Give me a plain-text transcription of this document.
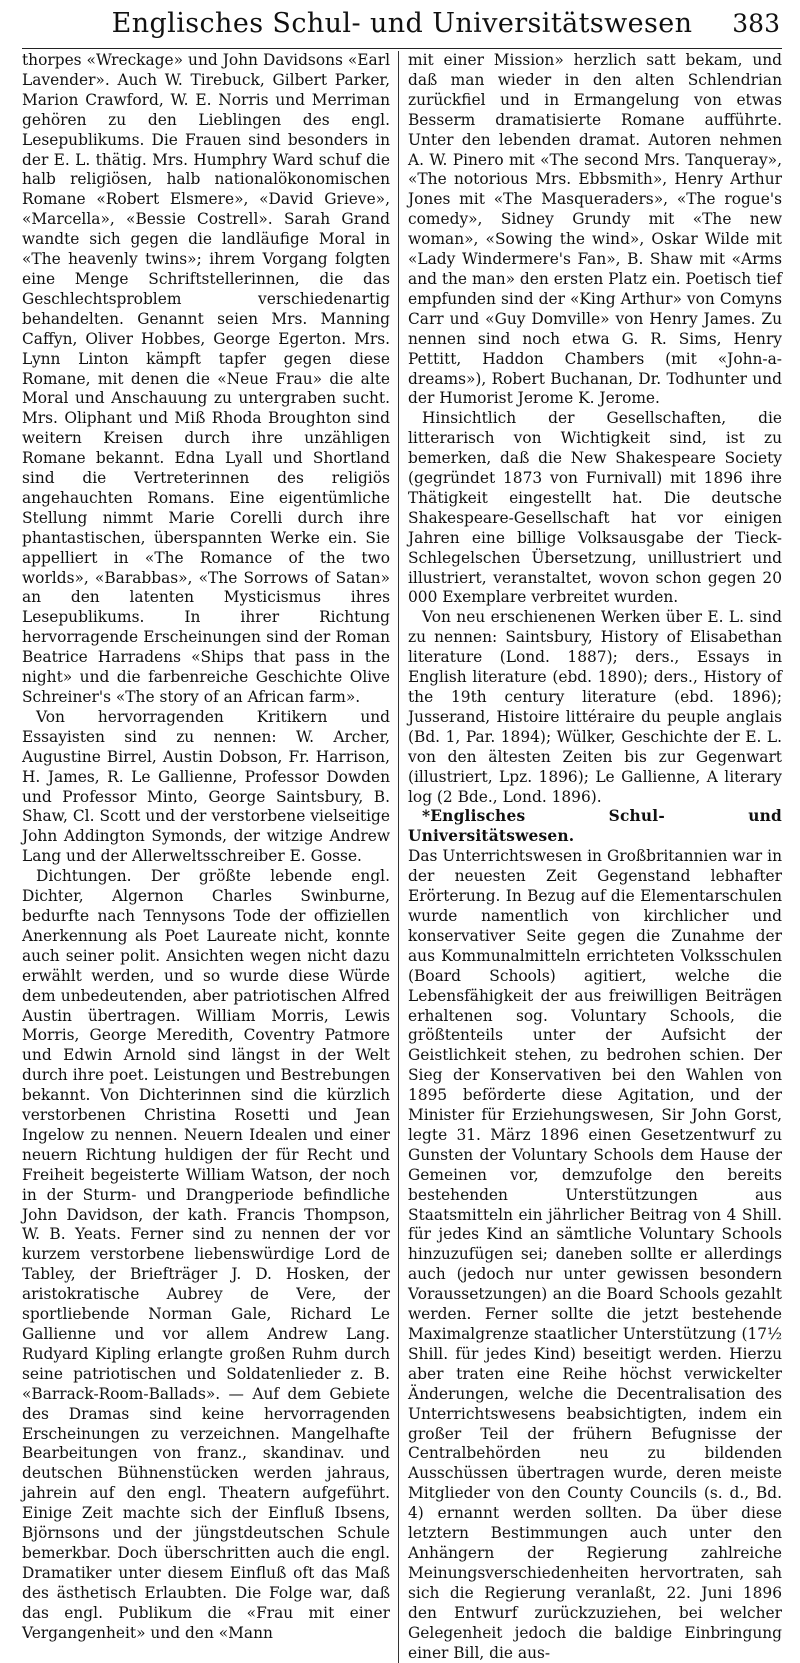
Englisches Schul- und Universitätswesen	383

thorpes «Wreckage» und John Davidsons «Earl Lavender». Auch W. Tirebuck, Gilbert Parker, Marion Crawford, W. E. Norris und Merriman gehören zu den Lieblingen des engl. Lesepublikums. Die Frauen sind besonders in der E. L. thätig. Mrs. Humphry Ward schuf die halb religiösen, halb nationalökonomischen Romane «Robert Elsmere», «David Grieve», «Marcella», «Bessie Costrell». Sarah Grand wandte sich gegen die landläufige Moral in «The heavenly twins»; ihrem Vorgang folgten eine Menge Schriftstellerinnen, die das Geschlechtsproblem verschiedenartig behandelten. Genannt seien Mrs. Manning Caffyn, Oliver Hobbes, George Egerton. Mrs. Lynn Linton kämpft tapfer gegen diese Romane, mit denen die «Neue Frau» die alte Moral und Anschauung zu untergraben sucht. Mrs. Oliphant und Miß Rhoda Broughton sind weitern Kreisen durch ihre unzähligen Romane bekannt. Edna Lyall und Shortland sind die Vertreterinnen des religiös angehauchten Romans. Eine eigentümliche Stellung nimmt Marie Corelli durch ihre phantastischen, überspannten Werke ein. Sie appelliert in «The Romance of the two worlds», «Barabbas», «The Sorrows of Satan» an den latenten Mysticismus ihres Lesepublikums. In ihrer Richtung hervorragende Erscheinungen sind der Roman Beatrice Harradens «Ships that pass in the night» und die farbenreiche Geschichte Olive Schreiner's «The story of an African farm».

Von hervorragenden Kritikern und Essayisten sind zu nennen: W. Archer, Augustine Birrel, Austin Dobson, Fr. Harrison, H. James, R. Le Gallienne, Professor Dowden und Professor Minto, George Saintsbury, B. Shaw, Cl. Scott und der verstorbene vielseitige John Addington Symonds, der witzige Andrew Lang und der Allerweltsschreiber E. Gosse.

Dichtungen. Der größte lebende engl. Dichter, Algernon Charles Swinburne, bedurfte nach Tennysons Tode der offiziellen Anerkennung als Poet Laureate nicht, konnte auch seiner polit. Ansichten wegen nicht dazu erwählt werden, und so wurde diese Würde dem unbedeutenden, aber patriotischen Alfred Austin übertragen. William Morris, Lewis Morris, George Meredith, Coventry Patmore und Edwin Arnold sind längst in der Welt durch ihre poet. Leistungen und Bestrebungen bekannt. Von Dichterinnen sind die kürzlich verstorbenen Christina Rosetti und Jean Ingelow zu nennen. Neuern Idealen und einer neuern Richtung huldigen der für Recht und Freiheit begeisterte William Watson, der noch in der Sturm- und Drangperiode befindliche John Davidson, der kath. Francis Thompson, W. B. Yeats. Ferner sind zu nennen der vor kurzem verstorbene liebenswürdige Lord de Tabley, der Briefträger J. D. Hosken, der aristokratische Aubrey de Vere, der sportliebende Norman Gale, Richard Le Gallienne und vor allem Andrew Lang. Rudyard Kipling erlangte großen Ruhm durch seine patriotischen und Soldatenlieder z. B. «Barrack-Room-Ballads». — Auf dem Gebiete des Dramas sind keine hervorragenden Erscheinungen zu verzeichnen. Mangelhafte Bearbeitungen von franz., skandinav. und deutschen Bühnenstücken werden jahraus, jahrein auf den engl. Theatern aufgeführt. Einige Zeit machte sich der Einfluß Ibsens, Björnsons und der jüngstdeutschen Schule bemerkbar. Doch überschritten auch die engl. Dramatiker unter diesem Einfluß oft das Maß des ästhetisch Erlaubten. Die Folge war, daß das engl. Publikum die «Frau mit einer Vergangenheit» und den «Mann

mit einer Mission» herzlich satt bekam, und daß man wieder in den alten Schlendrian zurückfiel und in Ermangelung von etwas Besserm dramatisierte Romane aufführte. Unter den lebenden dramat. Autoren nehmen A. W. Pinero mit «The second Mrs. Tanqueray», «The notorious Mrs. Ebbsmith», Henry Arthur Jones mit «The Masqueraders», «The rogue's comedy», Sidney Grundy mit «The new woman», «Sowing the wind», Oskar Wilde mit «Lady Windermere's Fan», B. Shaw mit «Arms and the man» den ersten Platz ein. Poetisch tief empfunden sind der «King Arthur» von Comyns Carr und «Guy Domville» von Henry James. Zu nennen sind noch etwa G. R. Sims, Henry Pettitt, Haddon Chambers (mit «John-a-dreams»), Robert Buchanan, Dr. Todhunter und der Humorist Jerome K. Jerome.

Hinsichtlich der Gesellschaften, die litterarisch von Wichtigkeit sind, ist zu bemerken, daß die New Shakespeare Society (gegründet 1873 von Furnivall) mit 1896 ihre Thätigkeit eingestellt hat. Die deutsche Shakespeare-Gesellschaft hat vor einigen Jahren eine billige Volksausgabe der Tieck-Schlegelschen Übersetzung, unillustriert und illustriert, veranstaltet, wovon schon gegen 20 000 Exemplare verbreitet wurden.

Von neu erschienenen Werken über E. L. sind zu nennen: Saintsbury, History of Elisabethan literature (Lond. 1887); ders., Essays in English literature (ebd. 1890); ders., History of the 19th century literature (ebd. 1896); Jusserand, Histoire littéraire du peuple anglais (Bd. 1, Par. 1894); Wülker, Geschichte der E. L. von den ältesten Zeiten bis zur Gegenwart (illustriert, Lpz. 1896); Le Gallienne, A literary log (2 Bde., Lond. 1896).

*Englisches Schul- und Universitätswesen.

Das Unterrichtswesen in Großbritannien war in der neuesten Zeit Gegenstand lebhafter Erörterung. In Bezug auf die Elementarschulen wurde namentlich von kirchlicher und konservativer Seite gegen die Zunahme der aus Kommunalmitteln errichteten Volksschulen (Board Schools) agitiert, welche die Lebensfähigkeit der aus freiwilligen Beiträgen erhaltenen sog. Voluntary Schools, die größtenteils unter der Aufsicht der Geistlichkeit stehen, zu bedrohen schien. Der Sieg der Konservativen bei den Wahlen von 1895 beförderte diese Agitation, und der Minister für Erziehungswesen, Sir John Gorst, legte 31. März 1896 einen Gesetzentwurf zu Gunsten der Voluntary Schools dem Hause der Gemeinen vor, demzufolge den bereits bestehenden Unterstützungen aus Staatsmitteln ein jährlicher Beitrag von 4 Shill. für jedes Kind an sämtliche Voluntary Schools hinzuzufügen sei; daneben sollte er allerdings auch (jedoch nur unter gewissen besondern Voraussetzungen) an die Board Schools gezahlt werden. Ferner sollte die jetzt bestehende Maximalgrenze staatlicher Unterstützung (17½ Shill. für jedes Kind) beseitigt werden. Hierzu aber traten eine Reihe höchst verwickelter Änderungen, welche die Decentralisation des Unterrichtswesens beabsichtigten, indem ein großer Teil der frühern Befugnisse der Centralbehörden neu zu bildenden Ausschüssen übertragen wurde, deren meiste Mitglieder von den County Councils (s. d., Bd. 4) ernannt werden sollten. Da über diese letztern Bestimmungen auch unter den Anhängern der Regierung zahlreiche Meinungsverschiedenheiten hervortraten, sah sich die Regierung veranlaßt, 22. Juni 1896 den Entwurf zurückzuziehen, bei welcher Gelegenheit jedoch die baldige Einbringung einer Bill, die aus-
